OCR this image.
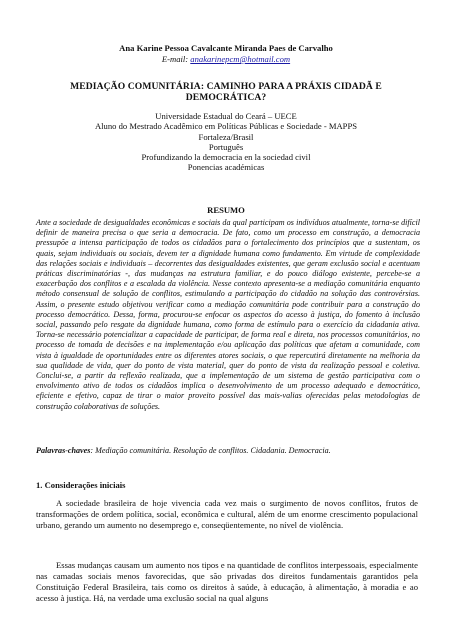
Ana Karine Pessoa Cavalcante Miranda Paes de Carvalho
E-mail: anakarinepcm@hotmail.com
MEDIAÇÃO COMUNITÁRIA: CAMINHO PARA A PRÁXIS CIDADÃ E DEMOCRÁTICA?
Universidade Estadual do Ceará – UECE
Aluno do Mestrado Acadêmico em Políticas Públicas e Sociedade - MAPPS
Fortaleza/Brasil
Português
Profundizando la democracia en la sociedad civil
Ponencias académicas
RESUMO

Ante a sociedade de desigualdades econômicas e sociais da qual participam os indivíduos atualmente, torna-se difícil definir de maneira precisa o que seria a democracia. De fato, como um processo em construção, a democracia pressupõe a intensa participação de todos os cidadãos para o fortalecimento dos princípios que a sustentam, os quais, sejam individuais ou sociais, devem ter a dignidade humana como fundamento. Em virtude de complexidade das relações sociais e individuais – decorrentes das desigualdades existentes, que geram exclusão social e acentuam práticas discriminatórias -, das mudanças na estrutura familiar, e do pouco diálogo existente, percebe-se a exacerbação dos conflitos e a escalada da violência. Nesse contexto apresenta-se a mediação comunitária enquanto método consensual de solução de conflitos, estimulando a participação do cidadão na solução das controvérsias. Assim, o presente estudo objetivou verificar como a mediação comunitária pode contribuir para a construção do processo democrático. Dessa, forma, procurou-se enfocar os aspectos do acesso à justiça, do fomento à inclusão social, passando pelo resgate da dignidade humana, como forma de estímulo para o exercício da cidadania ativa. Torna-se necessário potencializar a capacidade de participar, de forma real e direta, nos processos comunitários, no processo de tomada de decisões e na implementação e/ou aplicação das políticas que afetam a comunidade, com vista à igualdade de oportunidades entre os diferentes atores sociais, o que repercutirá diretamente na melhoria da sua qualidade de vida, quer do ponto de vista material, quer do ponto de vista da realização pessoal e coletiva. Conclui-se, a partir da reflexão realizada, que a implementação de um sistema de gestão participativa com o envolvimento ativo de todos os cidadãos implica o desenvolvimento de um processo adequado e democrático, eficiente e efetivo, capaz de tirar o maior proveito possível das mais-valias oferecidas pelas metodologias de construção colaborativas de soluções.

Palavras-chaves: Mediação comunitária. Resolução de conflitos. Cidadania. Democracia.

1. Considerações iniciais

A sociedade brasileira de hoje vivencia cada vez mais o surgimento de novos conflitos, frutos de transformações de ordem política, social, econômica e cultural, além de um enorme crescimento populacional urbano, gerando um aumento no desemprego e, conseqüentemente, no nível de violência.

Essas mudanças causam um aumento nos tipos e na quantidade de conflitos interpessoais, especialmente nas camadas sociais menos favorecidas, que são privadas dos direitos fundamentais garantidos pela Constituição Federal Brasileira, tais como os direitos à saúde, à educação, à alimentação, à moradia e ao acesso à justiça. Há, na verdade uma exclusão social na qual alguns
